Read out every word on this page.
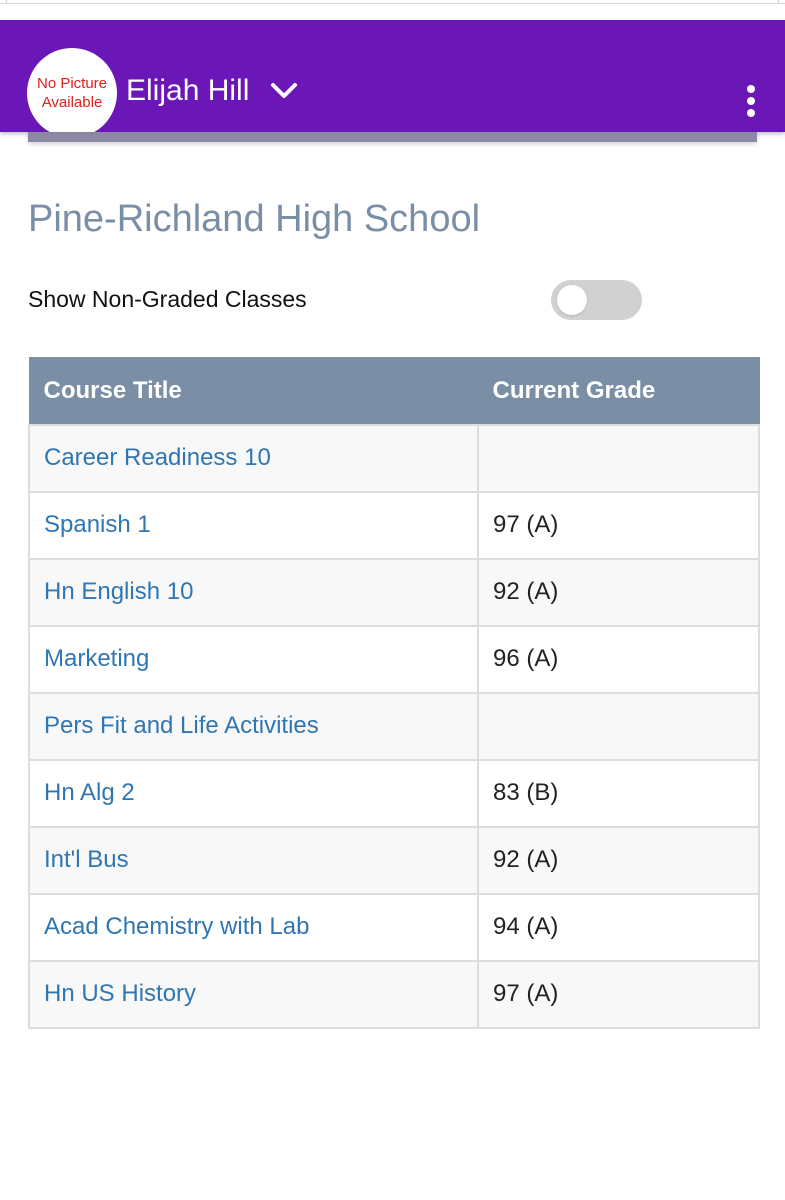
No Picture Available Elijah Hill
Pine-Richland High School
Show Non-Graded Classes
Course Title	Current Grade
Career Readiness 10	
Spanish 1	97 (A)
Hn English 10	92 (A)
Marketing	96 (A)
Pers Fit and Life Activities	
Hn Alg 2	83 (B)
Int'l Bus	92 (A)
Acad Chemistry with Lab	94 (A)
Hn US History	97 (A)
